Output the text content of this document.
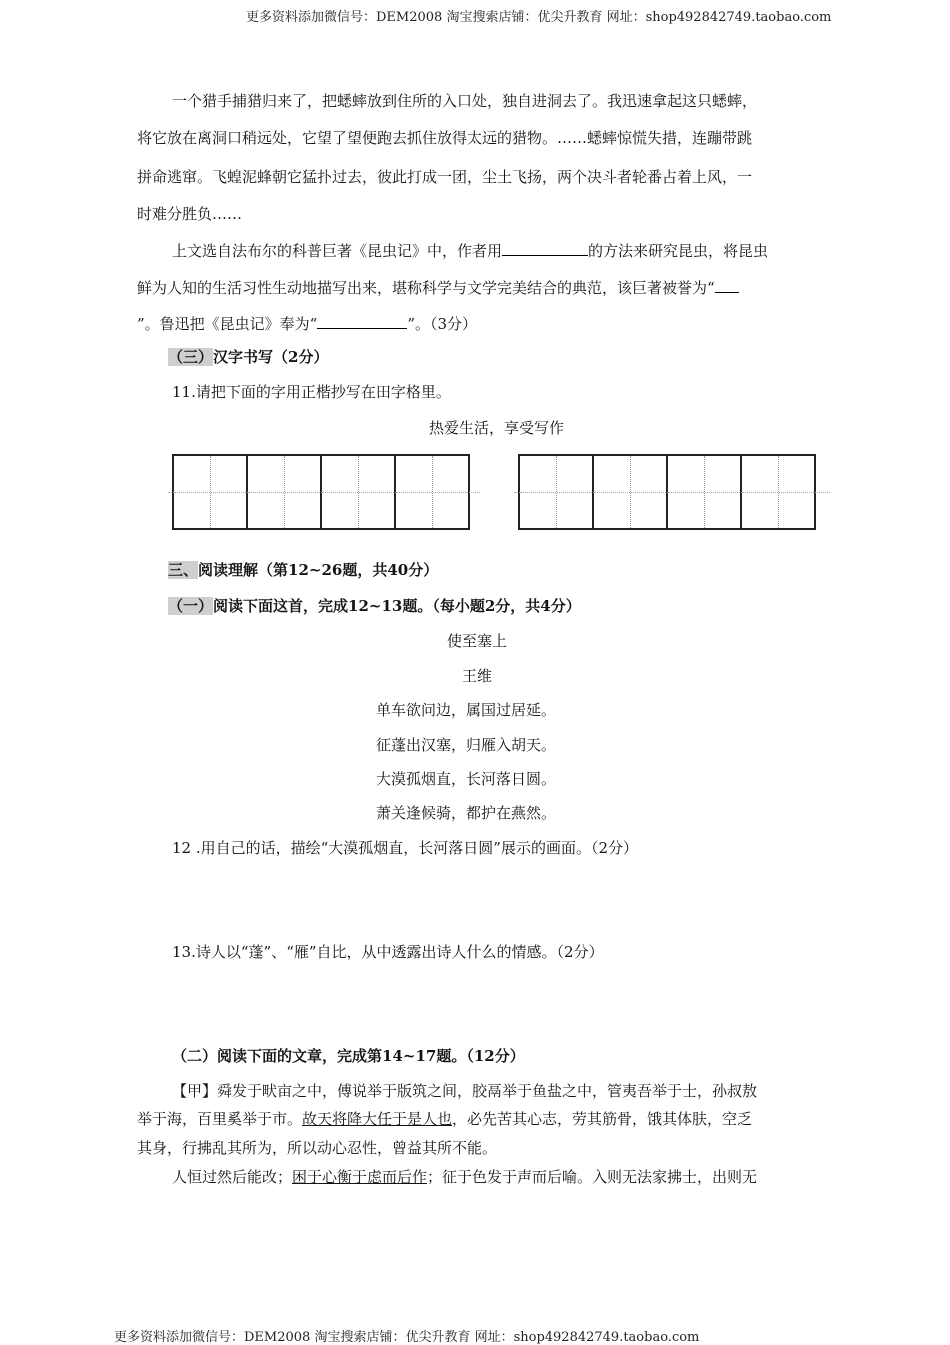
更多资料添加微信号：DEM2008 淘宝搜索店铺：优尖升教育 网址：shop492842749.taobao.com
一个猎手捕猎归来了，把蟋蟀放到住所的入口处，独自进洞去了。我迅速拿起这只蟋蟀，
将它放在离洞口稍远处，它望了望便跑去抓住放得太远的猎物。……蟋蟀惊慌失措，连蹦带跳
拼命逃窜。飞蝗泥蜂朝它猛扑过去，彼此打成一团，尘土飞扬，两个决斗者轮番占着上风，一
时难分胜负……
上文选自法布尔的科普巨著《昆虫记》中，作者用	的方法来研究昆虫，将昆虫
鲜为人知的生活习性生动地描写出来，堪称科学与文学完美结合的典范，该巨著被誉为“
”。鲁迅把《昆虫记》奉为“	”。（3分）
（三）汉字书写（2分）
11.请把下面的字用正楷抄写在田字格里。
热爱生活，享受写作
三、阅读理解（第12~26题，共40分）
（一）阅读下面这首，完成12~13题。（每小题2分，共4分）
使至塞上
王维
单车欲问边，属国过居延。
征蓬出汉塞，归雁入胡天。
大漠孤烟直，长河落日圆。
萧关逢候骑，都护在燕然。
12 .用自己的话，描绘“大漠孤烟直，长河落日圆”展示的画面。（2分）
13.诗人以“蓬”、“雁”自比，从中透露出诗人什么的情感。（2分）
（二）阅读下面的文章，完成第14~17题。（12分）
【甲】舜发于畎亩之中，傅说举于版筑之间，胶鬲举于鱼盐之中，管夷吾举于士，孙叔敖
举于海，百里奚举于市。故天将降大任于是人也，必先苦其心志，劳其筋骨，饿其体肤，空乏
其身，行拂乱其所为，所以动心忍性，曾益其所不能。
人恒过然后能改；困于心衡于虑而后作；征于色发于声而后喻。入则无法家拂士，出则无
更多资料添加微信号：DEM2008 淘宝搜索店铺：优尖升教育 网址：shop492842749.taobao.com
